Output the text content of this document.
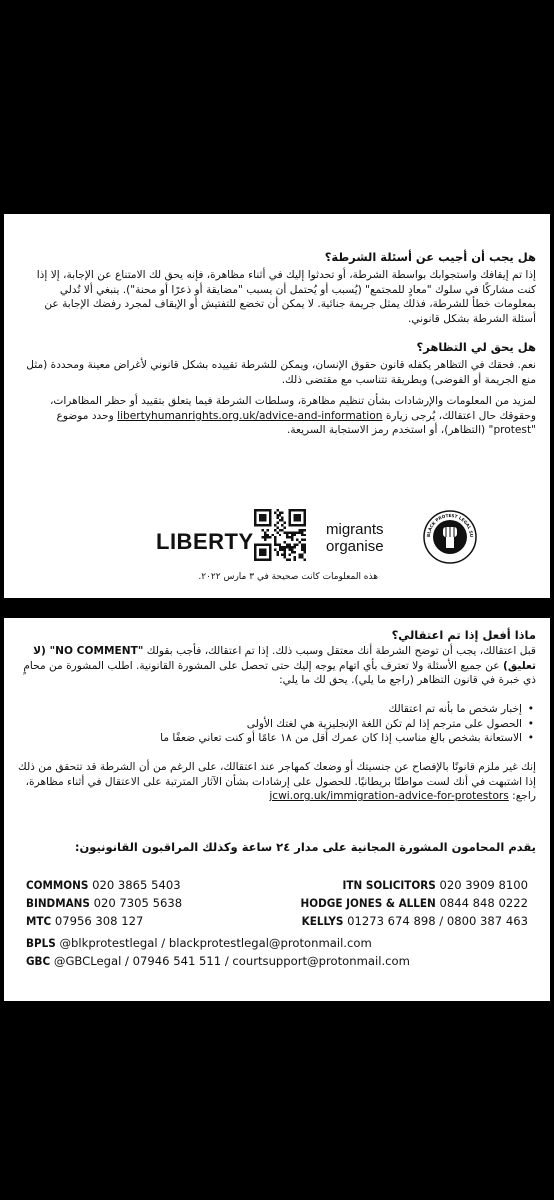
هل يجب أن أجيب عن أسئلة الشرطة؟
إذا تم إيقافك واستجوابك بواسطة الشرطة، أو تحدثوا إليك في أثناء مظاهرة، فإنه يحق لك الامتناع عن الإجابة، إلا إذا كنت مشاركًا في سلوك "معادٍ للمجتمع" (يُسبب أو يُحتمل أن يسبب "مضايقة أو ذعرًا أو محنة"). ينبغي ألا تُدلي بمعلومات خطأ للشرطة، فذلك يمثل جريمة جنائية. لا يمكن أن تخضع للتفتيش أو الإيقاف لمجرد رفضك الإجابة عن أسئلة الشرطة بشكل قانوني.
هل يحق لي التظاهر؟
نعم. فحقك في التظاهر يكفله قانون حقوق الإنسان، ويمكن للشرطة تقييده بشكل قانوني لأغراض معينة ومحددة (مثل منع الجريمة أو الفوضى) وبطريقة تتناسب مع مقتضى ذلك.
لمزيد من المعلومات والإرشادات بشأن تنظيم مظاهرة، وسلطات الشرطة فيما يتعلق بتقييد أو حظر المظاهرات، وحقوقك حال اعتقالك، يُرجى زيارة libertyhumanrights.org.uk/advice-and-information وحدد موضوع "protest" (التظاهر)، أو استخدم رمز الاستجابة السريعة.
LIBERTY	migrants
organise
BLACK PROTEST LEGAL SU
هذه المعلومات كانت صحيحة في ٣ مارس ٢٠٢٢.
ماذا أفعل إذا تم اعتقالي؟
قبل اعتقالك، يجب أن توضح الشرطة أنك معتقل وسبب ذلك. إذا تم اعتقالك، فأجب بقولك "NO COMMENT" (لا تعليق) عن جميع الأسئلة ولا تعترف بأي اتهام يوجه إليك حتى تحصل على المشورة القانونية. اطلب المشورة من محامٍ ذي خبرة في قانون التظاهر (راجع ما يلي). يحق لك ما يلي:
• إخبار شخص ما بأنه تم اعتقالك
• الحصول على مترجم إذا لم تكن اللغة الإنجليزية هي لغتك الأولى
• الاستعانة بشخص بالغ مناسب إذا كان عمرك أقل من ١٨ عامًا أو كنت تعاني ضعفًا ما
إنك غير ملزم قانونًا بالإفصاح عن جنسيتك أو وضعك كمهاجر عند اعتقالك، على الرغم من أن الشرطة قد تتحقق من ذلك إذا اشتبهت في أنك لست مواطنًا بريطانيًا. للحصول على إرشادات بشأن الآثار المترتبة على الاعتقال في أثناء مظاهرة، راجع: jcwi.org.uk/immigration-advice-for-protestors
يقدم المحامون المشورة المجانية على مدار ٢٤ ساعة وكذلك المراقبون القانونيون:
COMMONS 020 3865 5403	ITN SOLICITORS 020 3909 8100
BINDMANS 020 7305 5638	HODGE JONES & ALLEN 0844 848 0222
MTC 07956 308 127	KELLYS 01273 674 898 / 0800 387 463
BPLS @blkprotestlegal / blackprotestlegal@protonmail.com
GBC @GBCLegal / 07946 541 511 / courtsupport@protonmail.com
